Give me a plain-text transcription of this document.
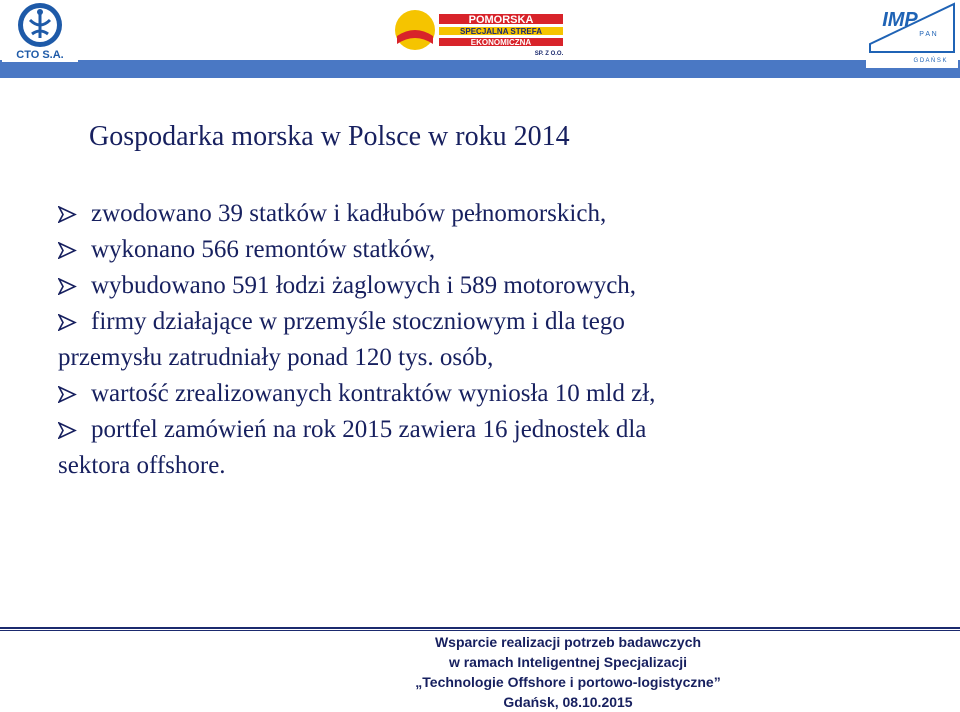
CTO S.A.
POMORSKA
SPECJALNA STREFA
EKONOMICZNA
SP. Z O.O.
IMP
P A N
G D A Ń S K
Gospodarka morska w Polsce w roku 2014
zwodowano 39 statków i kadłubów pełnomorskich,
wykonano 566 remontów statków,
wybudowano 591 łodzi żaglowych i 589 motorowych,
firmy działające w przemyśle stoczniowym i dla tego
przemysłu zatrudniały ponad 120 tys. osób,
wartość zrealizowanych kontraktów wyniosła 10 mld zł,
portfel zamówień na rok 2015 zawiera 16 jednostek dla
sektora offshore.
Wsparcie realizacji potrzeb badawczych
w ramach Inteligentnej Specjalizacji
„Technologie Offshore i portowo-logistyczne”
Gdańsk, 08.10.2015
